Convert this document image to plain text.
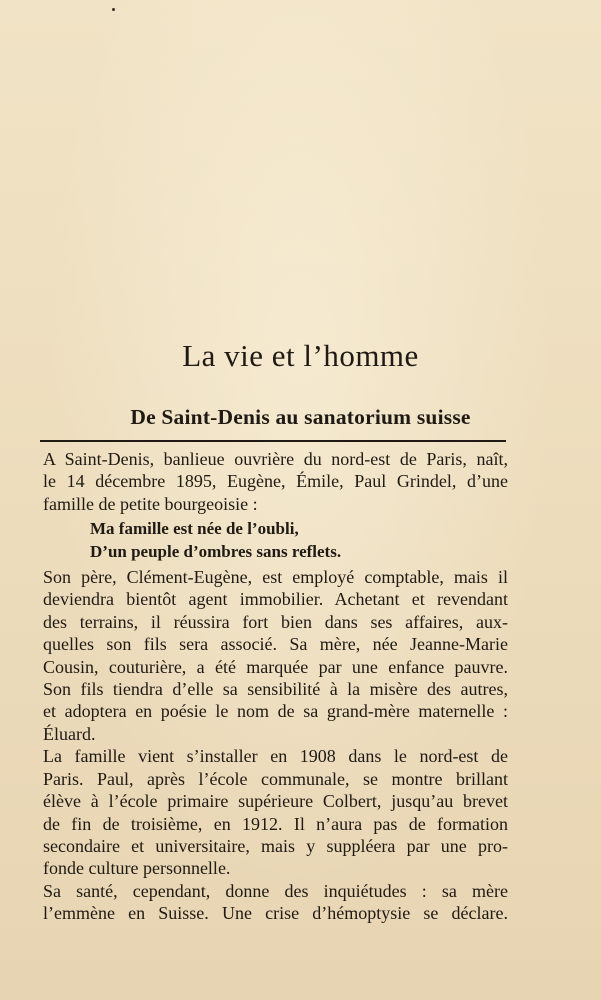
La vie et l’homme
De Saint-Denis au sanatorium suisse

A Saint-Denis, banlieue ouvrière du nord-est de Paris, naît,
le 14 décembre 1895, Eugène, Émile, Paul Grindel, d’une
famille de petite bourgeoisie :

Ma famille est née de l’oubli,
D’un peuple d’ombres sans reflets.

Son père, Clément-Eugène, est employé comptable, mais il
deviendra bientôt agent immobilier. Achetant et revendant
des terrains, il réussira fort bien dans ses affaires, aux-
quelles son fils sera associé. Sa mère, née Jeanne-Marie
Cousin, couturière, a été marquée par une enfance pauvre.
Son fils tiendra d’elle sa sensibilité à la misère des autres,
et adoptera en poésie le nom de sa grand-mère maternelle :
Éluard.

La famille vient s’installer en 1908 dans le nord-est de
Paris. Paul, après l’école communale, se montre brillant
élève à l’école primaire supérieure Colbert, jusqu’au brevet
de fin de troisième, en 1912. Il n’aura pas de formation
secondaire et universitaire, mais y suppléera par une pro-
fonde culture personnelle.

Sa santé, cependant, donne des inquiétudes : sa mère
l’emmène en Suisse. Une crise d’hémoptysie se déclare.
